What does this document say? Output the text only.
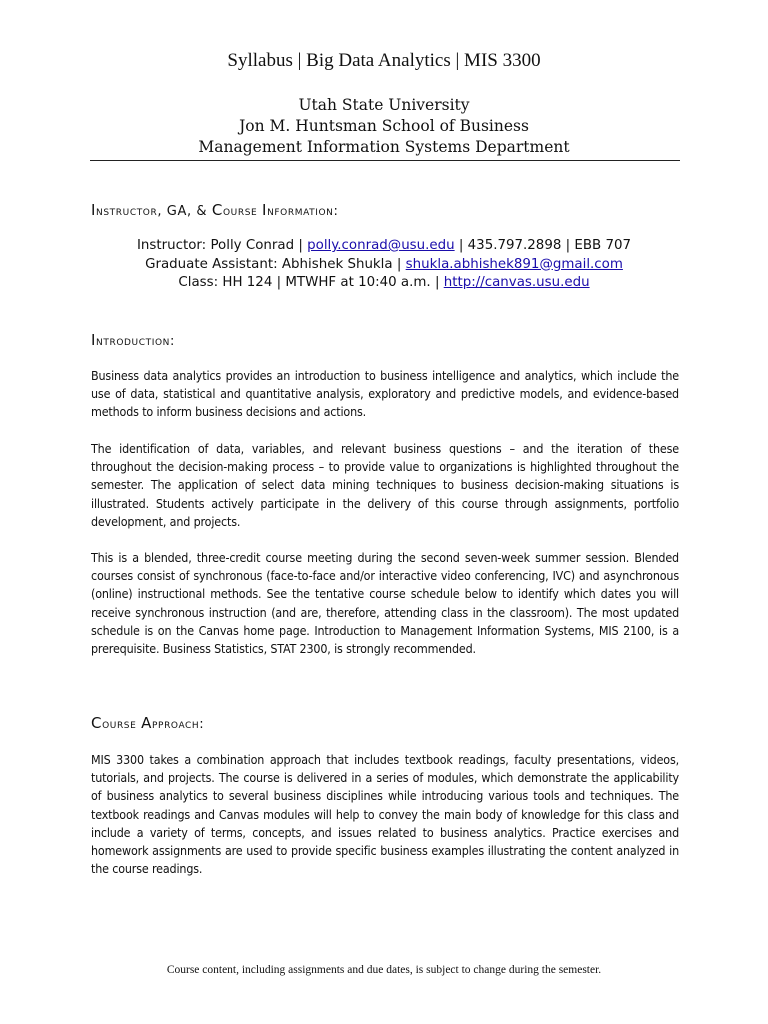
Syllabus | Big Data Analytics | MIS 3300
Utah State University
Jon M. Huntsman School of Business
Management Information Systems Department
Instructor, GA, & Course Information:
Instructor: Polly Conrad | polly.conrad@usu.edu | 435.797.2898 | EBB 707
Graduate Assistant: Abhishek Shukla | shukla.abhishek891@gmail.com
Class: HH 124 | MTWHF at 10:40 a.m. | http://canvas.usu.edu
Introduction:
Business data analytics provides an introduction to business intelligence and analytics, which include the use of data, statistical and quantitative analysis, exploratory and predictive models, and evidence-based methods to inform business decisions and actions.
The identification of data, variables, and relevant business questions – and the iteration of these throughout the decision-making process – to provide value to organizations is highlighted throughout the semester. The application of select data mining techniques to business decision-making situations is illustrated. Students actively participate in the delivery of this course through assignments, portfolio development, and projects.
This is a blended, three-credit course meeting during the second seven-week summer session. Blended courses consist of synchronous (face-to-face and/or interactive video conferencing, IVC) and asynchronous (online) instructional methods. See the tentative course schedule below to identify which dates you will receive synchronous instruction (and are, therefore, attending class in the classroom). The most updated schedule is on the Canvas home page. Introduction to Management Information Systems, MIS 2100, is a prerequisite. Business Statistics, STAT 2300, is strongly recommended.
Course Approach:
MIS 3300 takes a combination approach that includes textbook readings, faculty presentations, videos, tutorials, and projects. The course is delivered in a series of modules, which demonstrate the applicability of business analytics to several business disciplines while introducing various tools and techniques. The textbook readings and Canvas modules will help to convey the main body of knowledge for this class and include a variety of terms, concepts, and issues related to business analytics. Practice exercises and homework assignments are used to provide specific business examples illustrating the content analyzed in the course readings.
Course content, including assignments and due dates, is subject to change during the semester.
